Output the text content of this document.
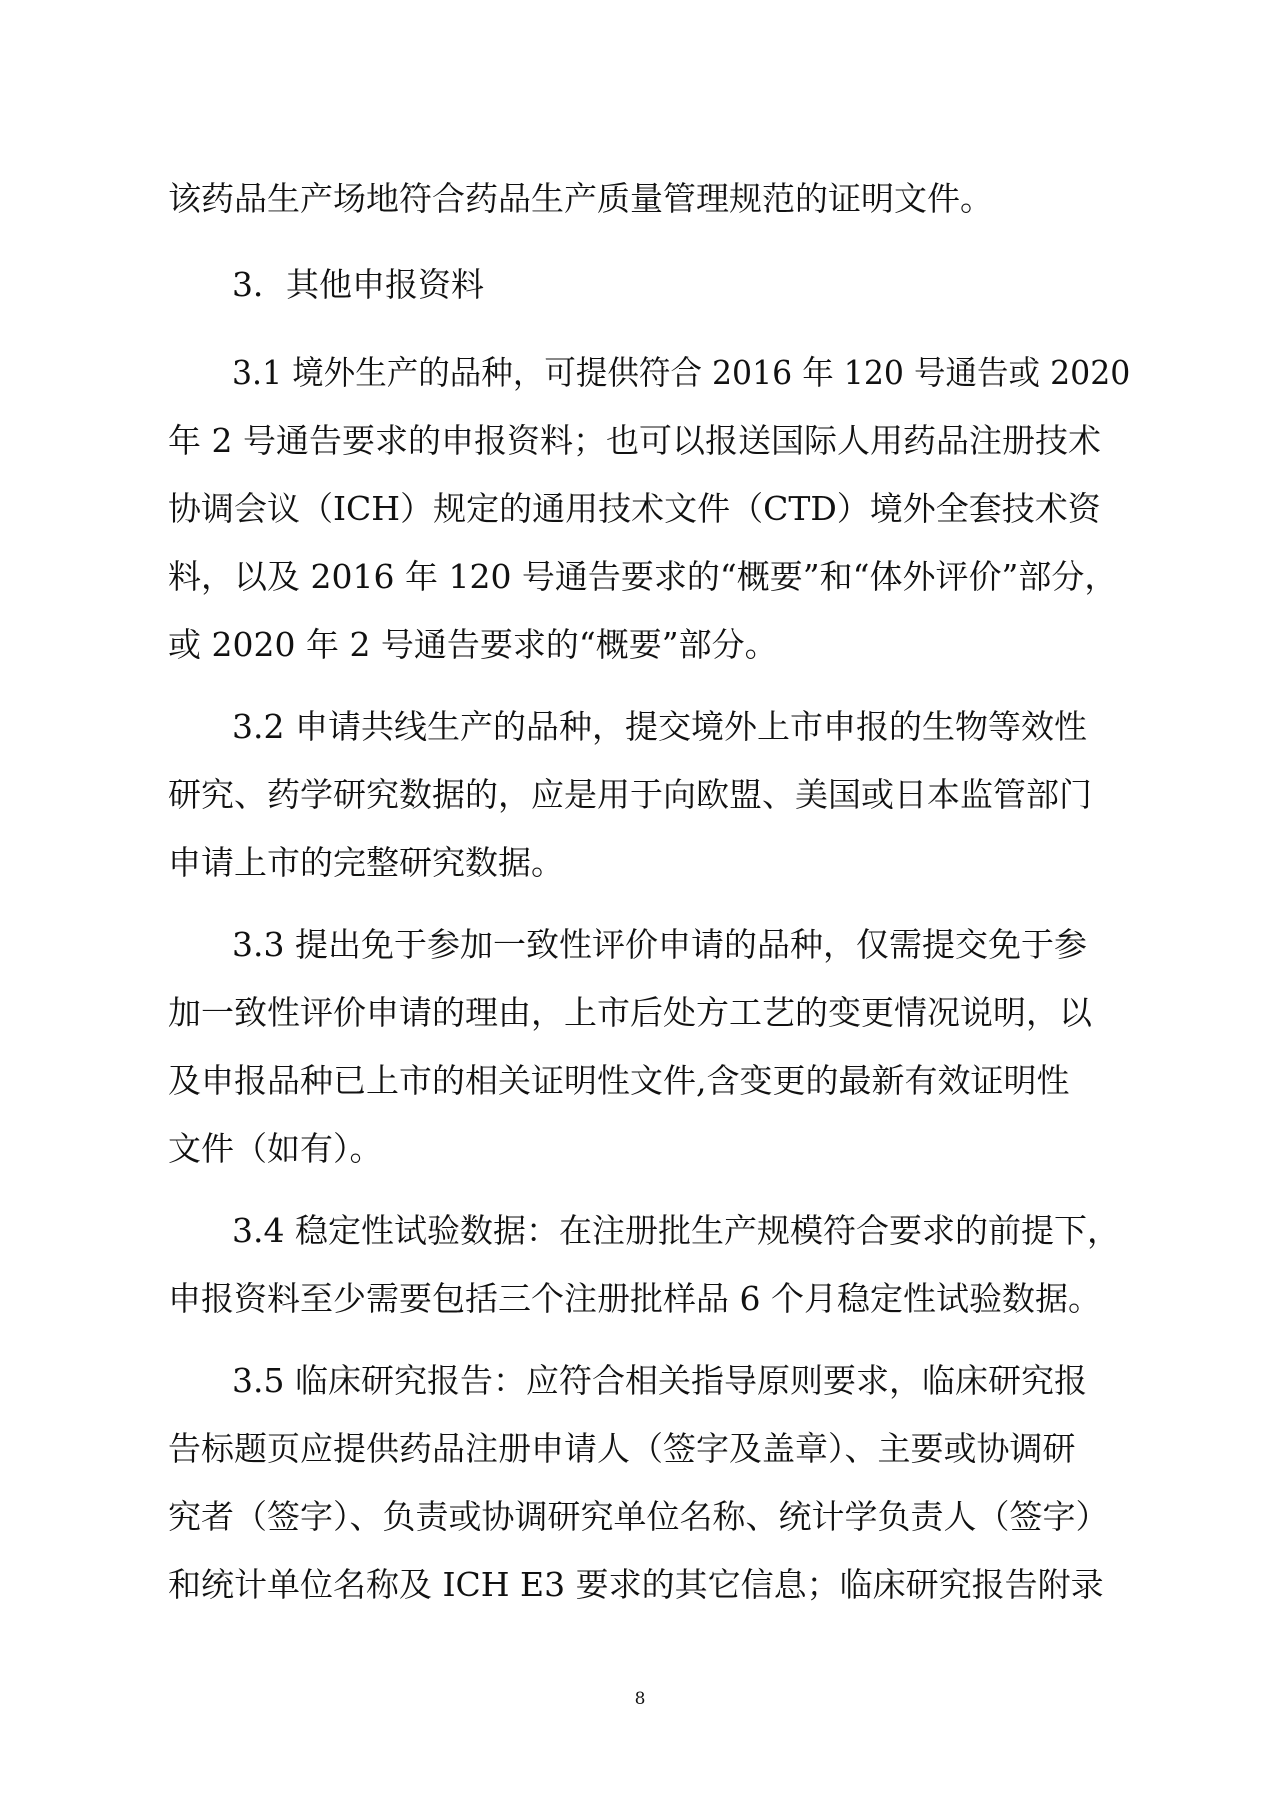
该药品生产场地符合药品生产质量管理规范的证明文件。
3．其他申报资料
3.1 境外生产的品种，可提供符合 2016 年 120 号通告或 2020
年 2 号通告要求的申报资料；也可以报送国际人用药品注册技术
协调会议（ICH）规定的通用技术文件（CTD）境外全套技术资
料，以及 2016 年 120 号通告要求的“概要”和“体外评价”部分，
或 2020 年 2 号通告要求的“概要”部分。
3.2 申请共线生产的品种，提交境外上市申报的生物等效性
研究、药学研究数据的，应是用于向欧盟、美国或日本监管部门
申请上市的完整研究数据。
3.3 提出免于参加一致性评价申请的品种，仅需提交免于参
加一致性评价申请的理由，上市后处方工艺的变更情况说明，以
及申报品种已上市的相关证明性文件,含变更的最新有效证明性
文件（如有）。
3.4 稳定性试验数据：在注册批生产规模符合要求的前提下，
申报资料至少需要包括三个注册批样品 6 个月稳定性试验数据。
3.5 临床研究报告：应符合相关指导原则要求，临床研究报
告标题页应提供药品注册申请人（签字及盖章）、主要或协调研
究者（签字）、负责或协调研究单位名称、统计学负责人（签字）
和统计单位名称及 ICH E3 要求的其它信息；临床研究报告附录
8
